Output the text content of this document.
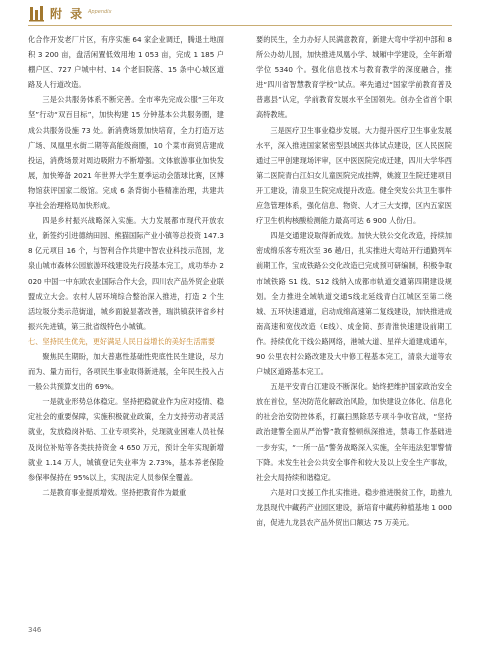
附 录 Appendix

化合作开发老厂片区，有序实施 64 家企业调迁，腾退土地面积 3 200 亩，盘活闲置低效用地 1 053 亩，完成 1 185 户棚户区、727 户城中村、14 个老旧院落、15 条中心城区道路及人行道改造。

三是公共服务体系不断完善。全市率先完成公服“三年攻坚”行动“双百目标”，加快构建 15 分钟基本公共服务圈，建成公共服务设施 73 处。新消费场景加快培育，全力打造万达广场、凤凰里水街二期等高能级商圈，10 个菜市商贸店建成投运，消费场景对周边吸附力不断增强。文体旅游事业加快发展，加快筹备 2021 年世界大学生夏季运动会篮球比赛，区博物馆获评国家二级馆。完成 6 条背街小巷精准治理，共建共享社会治理格局加快形成。

四是乡村振兴战略深入实施。大力发展都市现代开放农业，新签约引进德纳田园、熊猫国际产业小镇等总投资 147.38 亿元项目 16 个，与智利合作共建中智农业科技示范园，龙泉山城市森林公园旅游环线建设先行段基本完工，成功举办 2020 中国一中东欧农业国际合作大会，四川农产品外贸企业联盟成立大会。农村人居环境综合整治深入推进，打造 2 个生活垃圾分类示范街道，城乡面貌显著改善，瑞洪镇获评省乡村振兴先进镇，第三批省级特色小城镇。

七、坚持民生优先，更好满足人民日益增长的美好生活需要

聚焦民生期盼，加大普惠性基础性兜底性民生建设，尽力而为、量力而行，各项民生事业取得新进展，全年民生投入占一般公共预算支出的 69%。

一是就业形势总体稳定。坚持把稳就业作为应对疫情、稳定社会的重要保障，实施积极就业政策，全力支持劳动者灵活就业，发放稳岗补贴、工业专项奖补，兑现就业困难人员社保及岗位补贴等各类扶持资金 4 650 万元，预计全年实现新增就业 1.14 万人，城镇登记失业率为 2.73%，基本养老保险参保率保持在 95%以上，实现法定人员参保全覆盖。

二是教育事业提质增效。坚持把教育作为最重

要的民生，全力办好人民满意教育，新建大弯中学初中部和 8 所公办幼儿园，加快推进凤凰小学、城厢中学建设，全年新增学位 5340 个。强化信息技术与教育教学的深度融合，推进“四川省智慧教育学校”试点。率先通过“国家学前教育普及普惠县”认定，学前教育发展水平全国领先。创办全省首个职高特教班。

三是医疗卫生事业稳步发展。大力提升医疗卫生事业发展水平，深入推进国家紧密型县域医共体试点建设，区人民医院通过三甲创建现场评审，区中医医院完成迁建，四川大学华西第二医院青白江妇女儿童医院完成挂牌，姚渡卫生院迁建项目开工建设，清泉卫生院完成提升改造。健全突发公共卫生事件应急管理体系，强化信息、物资、人才三大支撑，区内五家医疗卫生机构核酸检测能力最高可达 6 900 人份/日。

四是交通建设取得新成效。加快大铁公交化改造，持续加密成绵乐客专班次至 36 趟/日，扎实推进大弯站开行通勤列车前期工作，宝成铁路公交化改造已完成预可研编制，积极争取市域铁路 S1 线、S12 线纳入成都市轨道交通第四期建设规划。全力推进全域轨道交通S线北延线青白江城区至第二绕城、五环快速通道，启动成绵高速第二复线建设，加快推进成南高速和宽伐改造（E线）、成金简、彭青淮快速建设前期工作。持续优化干线公路网络，港城大道、星祥大道建成通车，90 公里农村公路改建及大中修工程基本完工，清泉大道等农户城区道路基本完工。

五是平安青白江建设不断深化。始终把维护国家政治安全放在首位，坚决防范化解政治风险，加快建设立体化、信息化的社会治安防控体系，打赢扫黑除恶专项斗争收官战，“坚持政治建警全面从严治警”教育整顿纵深推进，禁毒工作基础进一步夯实，“一所一品”警务战略深入实施，全年违法犯罪警情下降。未发生社会公共安全事件和较大及以上安全生产事故，社会大局持续和谐稳定。

六是对口支援工作扎实推进。稳步推进脱贫工作，助推九龙县现代中藏药产业园区建设，新培育中藏药种植基地 1 000 亩，促进九龙县农产品外贸出口额达 75 万美元。

346
